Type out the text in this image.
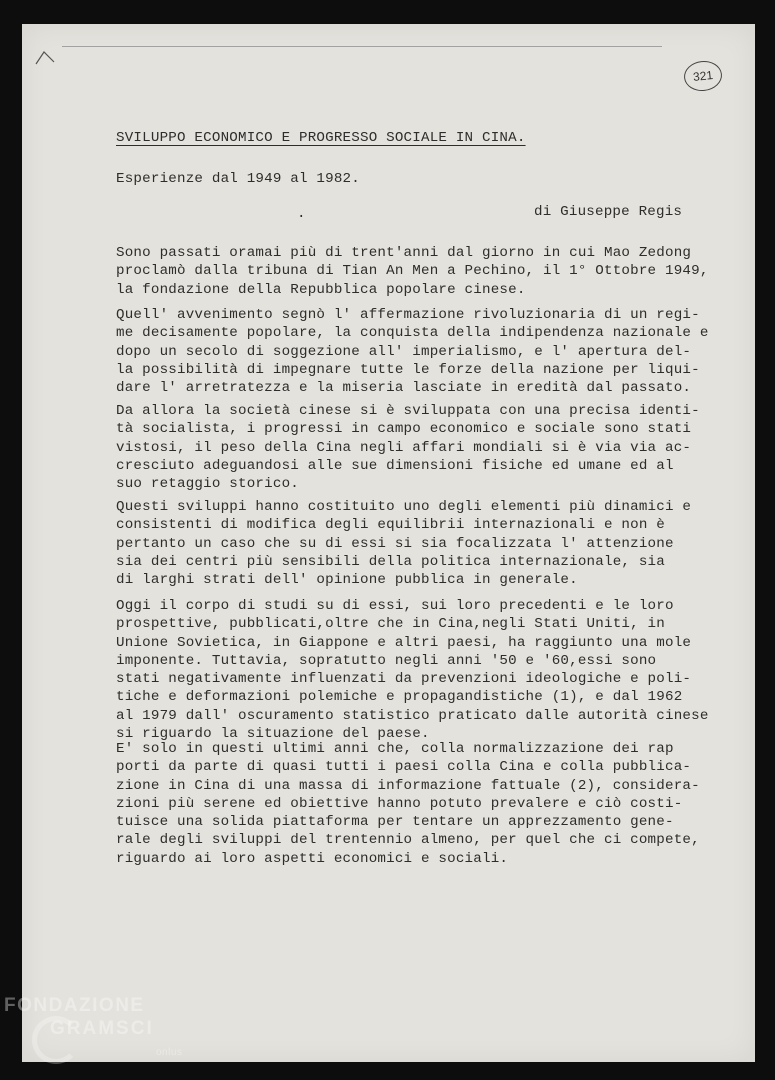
321

SVILUPPO ECONOMICO E PROGRESSO SOCIALE IN CINA.

Esperienze dal 1949 al 1982.

.	di Giuseppe Regis

Sono passati oramai più di trent'anni dal giorno in cui Mao Zedong
proclamò dalla tribuna di Tian An Men a Pechino, il 1° Ottobre 1949,
la fondazione della Repubblica popolare cinese.

Quell' avvenimento segnò l' affermazione rivoluzionaria di un regi-
me decisamente popolare, la conquista della indipendenza nazionale e
dopo un secolo di soggezione all' imperialismo, e l' apertura del-
la possibilità di impegnare tutte le forze della nazione per liqui-
dare l' arretratezza e la miseria lasciate in eredità dal passato.

Da allora la società cinese si è sviluppata con una precisa identi-
tà socialista, i progressi in campo economico e sociale sono stati
vistosi, il peso della Cina negli affari mondiali si è via via ac-
cresciuto adeguandosi alle sue dimensioni fisiche ed umane ed al
suo retaggio storico.

Questi sviluppi hanno costituito uno degli elementi più dinamici e
consistenti di modifica degli equilibrii internazionali e non è
pertanto un caso che su di essi si sia focalizzata l' attenzione
sia dei centri più sensibili della politica internazionale, sia
di larghi strati dell' opinione pubblica in generale.

Oggi il corpo di studi su di essi, sui loro precedenti e le loro
prospettive, pubblicati,oltre che in Cina,negli Stati Uniti, in
Unione Sovietica, in Giappone e altri paesi, ha raggiunto una mole
imponente. Tuttavia, sopratutto negli anni '50 e '60,essi sono
stati negativamente influenzati da prevenzioni ideologiche e poli-
tiche e deformazioni polemiche e propagandistiche (1), e dal 1962
al 1979 dall' oscuramento statistico praticato dalle autorità cinese
si riguardo la situazione del paese.

E' solo in questi ultimi anni che, colla normalizzazione dei rap
porti da parte di quasi tutti i paesi colla Cina e colla pubblica-
zione in Cina di una massa di informazione fattuale (2), considera-
zioni più serene ed obiettive hanno potuto prevalere e ciò costi-
tuisce una solida piattaforma per tentare un apprezzamento gene-
rale degli sviluppi del trentennio almeno, per quel che ci compete,
riguardo ai loro aspetti economici e sociali.

FONDAZIONE
GRAMSCI
onlus
